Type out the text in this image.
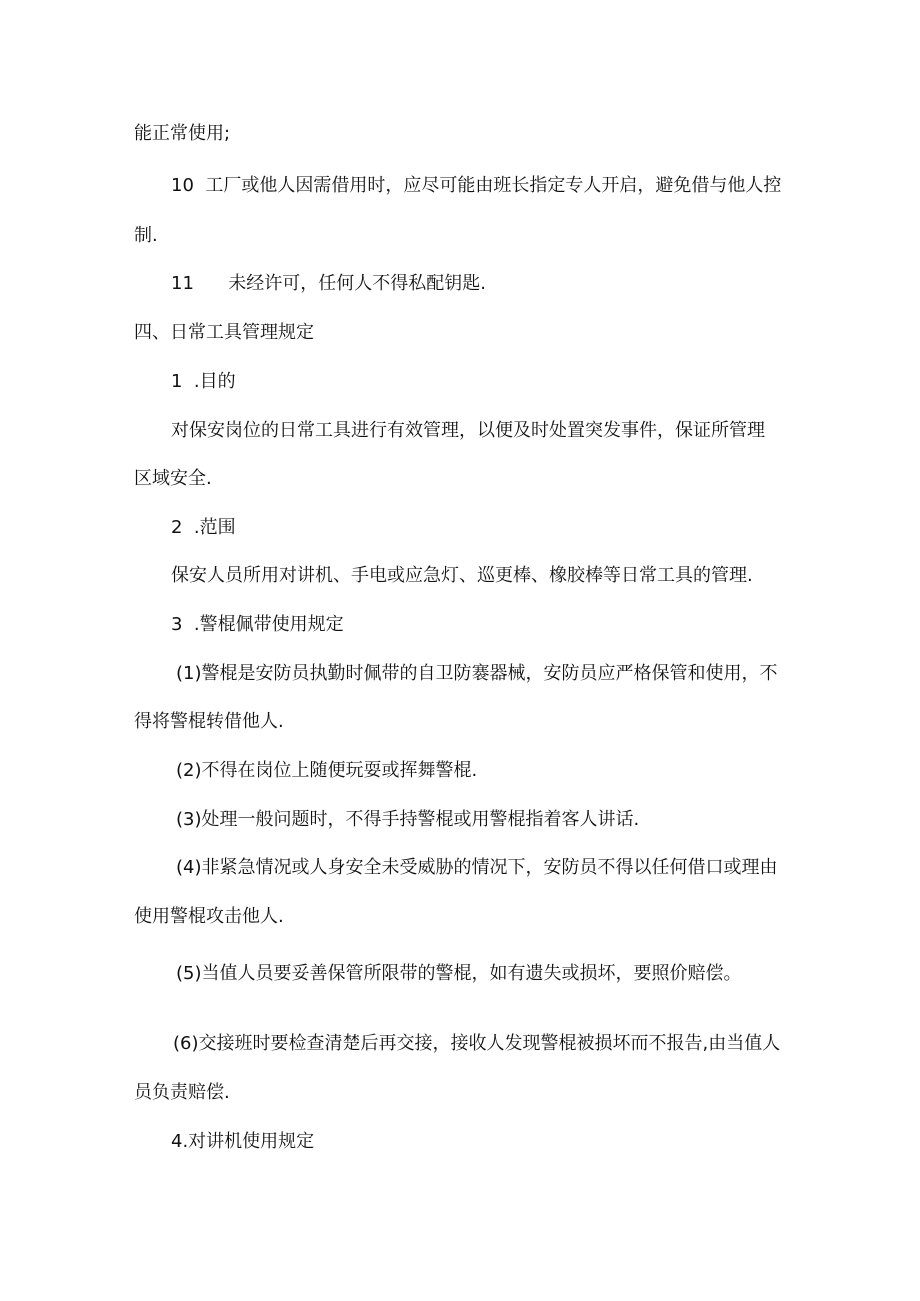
能正常使用;
10  工厂或他人因需借用时，应尽可能由班长指定专人开启，避免借与他人控
制.
11      未经许可，任何人不得私配钥匙.
四、日常工具管理规定
1  .目的
对保安岗位的日常工具进行有效管理，以便及时处置突发事件，保证所管理
区域安全.
2  .范围
保安人员所用对讲机、手电或应急灯、巡更棒、橡胶棒等日常工具的管理.
3  .警棍佩带使用规定
(1)警棍是安防员执勤时佩带的自卫防褰器械，安防员应严格保管和使用，不
得将警棍转借他人.
(2)不得在岗位上随便玩耍或挥舞警棍.
(3)处理一般问题时，不得手持警棍或用警棍指着客人讲话.
(4)非紧急情况或人身安全未受威胁的情况下，安防员不得以任何借口或理由
使用警棍攻击他人.
(5)当值人员要妥善保管所限带的警棍，如有遗失或损坏，要照价赔偿。
(6)交接班时要检查清楚后再交接，接收人发现警棍被损坏而不报告,由当值人
员负责赔偿.
4.对讲机使用规定
